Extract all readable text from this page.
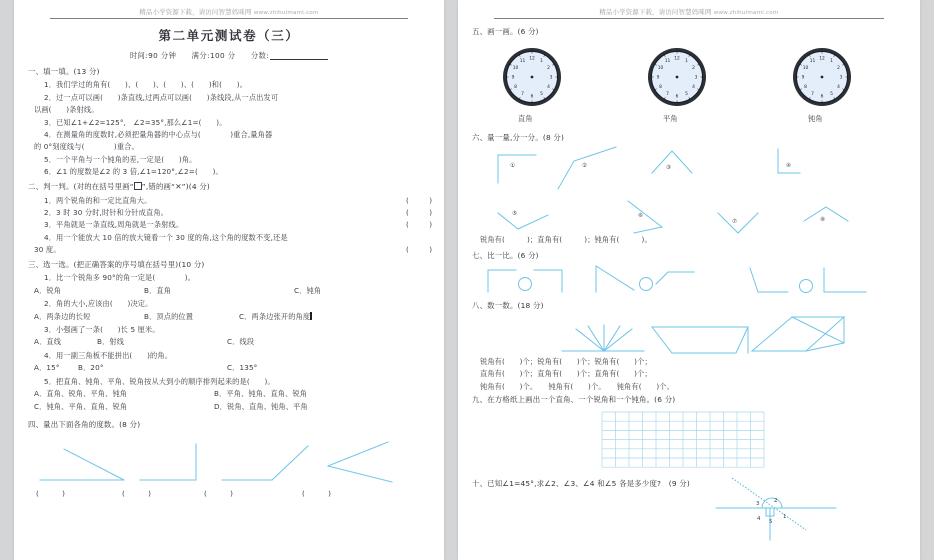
精品小学资源下载，请访问智慧妈咪网 www.zhihuimami.com
第二单元测试卷（三）
时间:90 分钟　　满分:100 分　　分数:
一、填一填。(13 分)
1．我们学过的角有(　　)、(　　)、(　　)、(　　)和(　　)。
2．过一点可以画(　　)条直线,过两点可以画(　　)条线段,从一点出发可
以画(　　)条射线。
3．已知∠1+∠2=125°,　∠2=35°,那么∠1=(　　)。
4．在测量角的度数时,必须把量角器的中心点与(　　　　)重合,量角器
的 0°刻度线与(　　　　)重合。
5．一个平角与一个钝角的差,一定是(　　)角。
6．∠1 的度数是∠2 的 3 倍,∠1=120°,∠2=(　　)。
二、判一判。(对的在括号里画“ ”,错的画“✕”)(4 分)
1．两个锐角的和一定比直角大。	(　　)
2．3 时 30 分时,时针和分针成直角。	(　　)
3．平角就是一条直线,周角就是一条射线。	(　　)
4．用一个能放大 10 倍的放大镜看一个 30 度的角,这个角的度数不变,还是
30 度。	(　　)
三、选一选。(把正确答案的序号填在括号里)(10 分)
1．比一个锐角多 90°的角一定是(　　　　)。
A．锐角	B．直角	C．钝角
2．角的大小,应该由(　　)决定。
A．两条边的长短	B．顶点的位置	C．两条边张开的角度
3．小强画了一条(　　)长 5 厘米。
A．直线	B．射线	C．线段
4．用一副三角板不能拼出(　　)的角。
A．15°	B．20°	C．135°
5．把直角、钝角、平角、锐角按从大到小的顺序排列起来的是(　　)。
A．直角、锐角、平角、钝角	B．平角、钝角、直角、锐角
C．钝角、平角、直角、锐角	D．锐角、直角、钝角、平角
四、量出下面各角的度数。(8 分)
(　　)	(　　)	(　　)	(　　)
精品小学资源下载，请访问智慧妈咪网 www.zhihuimami.com
五、画一画。(6 分)
12 1
2
3
4
5
6
7
8
9
10
11	12 1
2
3
4
5
6
7
8
9
10
11	12 1
2
3
4
5
6
7
8
9
10
11
直角	平角	钝角
六、量一量,分一分。(8 分)
①	②	③	④
⑤	⑥
⑦	⑧
锐角有(　　　)；直角有(　　　)；钝角有(　　　)。
七、比一比。(6 分)
八、数一数。(18 分)
锐角有(　　)个；锐角有(　　)个；锐角有(　　)个；
直角有(　　)个；直角有(　　)个；直角有(　　)个；
钝角有(　　)个。　　钝角有(　　)个。　　钝角有(　　)个。
九、在方格纸上画出一个直角、一个锐角和一个钝角。(6 分)
十、已知∠1=45°,求∠2、∠3、∠4 和∠5 各是多少度?　(9 分)
3	2
4 5
1
